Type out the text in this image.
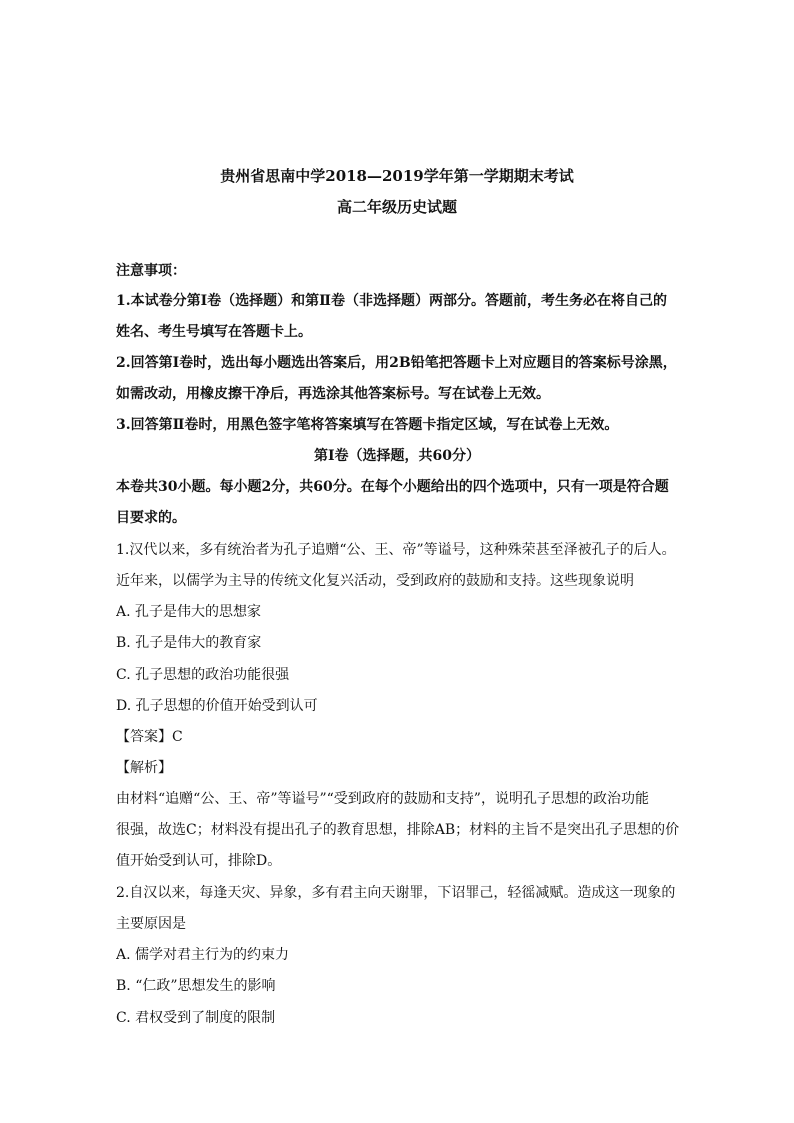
贵州省思南中学2018—2019学年第一学期期末考试
高二年级历史试题
注意事项：
1.本试卷分第Ⅰ卷（选择题）和第Ⅱ卷（非选择题）两部分。答题前，考生务必在将自己的
姓名、考生号填写在答题卡上。
2.回答第Ⅰ卷时，选出每小题选出答案后，用2B铅笔把答题卡上对应题目的答案标号涂黑，
如需改动，用橡皮擦干净后，再选涂其他答案标号。写在试卷上无效。
3.回答第Ⅱ卷时，用黑色签字笔将答案填写在答题卡指定区域，写在试卷上无效。
第Ⅰ卷（选择题，共60分）
本卷共30小题。每小题2分，共60分。在每个小题给出的四个选项中，只有一项是符合题
目要求的。
1.汉代以来，多有统治者为孔子追赠“公、王、帝”等谥号，这种殊荣甚至泽被孔子的后人。
近年来，以儒学为主导的传统文化复兴活动，受到政府的鼓励和支持。这些现象说明
A. 孔子是伟大的思想家
B. 孔子是伟大的教育家
C. 孔子思想的政治功能很强
D. 孔子思想的价值开始受到认可
【答案】C
【解析】
由材料“追赠“公、王、帝”等谥号”“受到政府的鼓励和支持”，说明孔子思想的政治功能
很强，故选C；材料没有提出孔子的教育思想，排除AB；材料的主旨不是突出孔子思想的价
值开始受到认可，排除D。
2.自汉以来，每逢天灾、异象，多有君主向天谢罪，下诏罪己，轻徭减赋。造成这一现象的
主要原因是
A. 儒学对君主行为的约束力
B. “仁政”思想发生的影响
C. 君权受到了制度的限制
